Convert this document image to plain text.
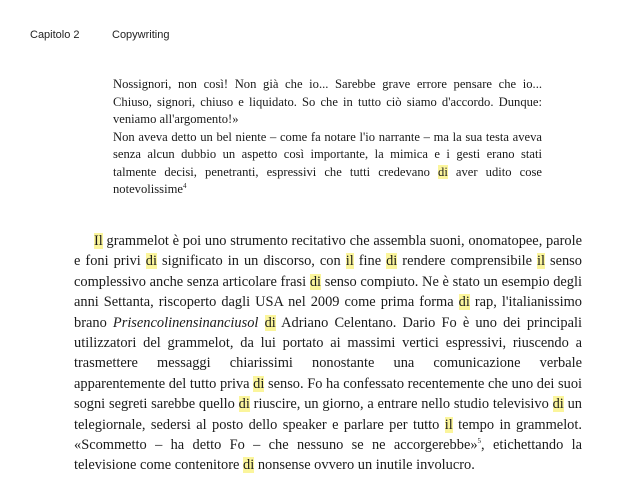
Capitolo 2	Copywriting

Nossignori, non così! Non già che io... Sarebbe grave errore pensare che io... Chiuso, signori, chiuso e liquidato. So che in tutto ciò siamo d'accordo. Dunque: veniamo all'argomento!»

Non aveva detto un bel niente – come fa notare l'io narrante – ma la sua testa aveva senza alcun dubbio un aspetto così importante, la mimica e i gesti erano stati talmente decisi, penetranti, espressivi che tutti credevano di aver udito cose notevolissime$^4$

Il grammelot è poi uno strumento recitativo che assembla suoni, onomatopee, parole e foni privi di significato in un discorso, con il fine di rendere comprensibile il senso complessivo anche senza articolare frasi di senso compiuto. Ne è stato un esempio degli anni Settanta, riscoperto dagli USA nel 2009 come prima forma di rap, l'italianissimo brano Prisencolinensinanciusol di Adriano Celentano. Dario Fo è uno dei principali utilizzatori del grammelot, da lui portato ai massimi vertici espressivi, riuscendo a trasmettere messaggi chiarissimi nonostante una comunicazione verbale apparentemente del tutto priva di senso. Fo ha confessato recentemente che uno dei suoi sogni segreti sarebbe quello di riuscire, un giorno, a entrare nello studio televisivo di un telegiornale, sedersi al posto dello speaker e parlare per tutto il tempo in grammelot. «Scommetto – ha detto Fo – che nessuno se ne accorgerebbe»$^5$, etichettando la televisione come contenitore di nonsense ovvero un inutile involucro.
